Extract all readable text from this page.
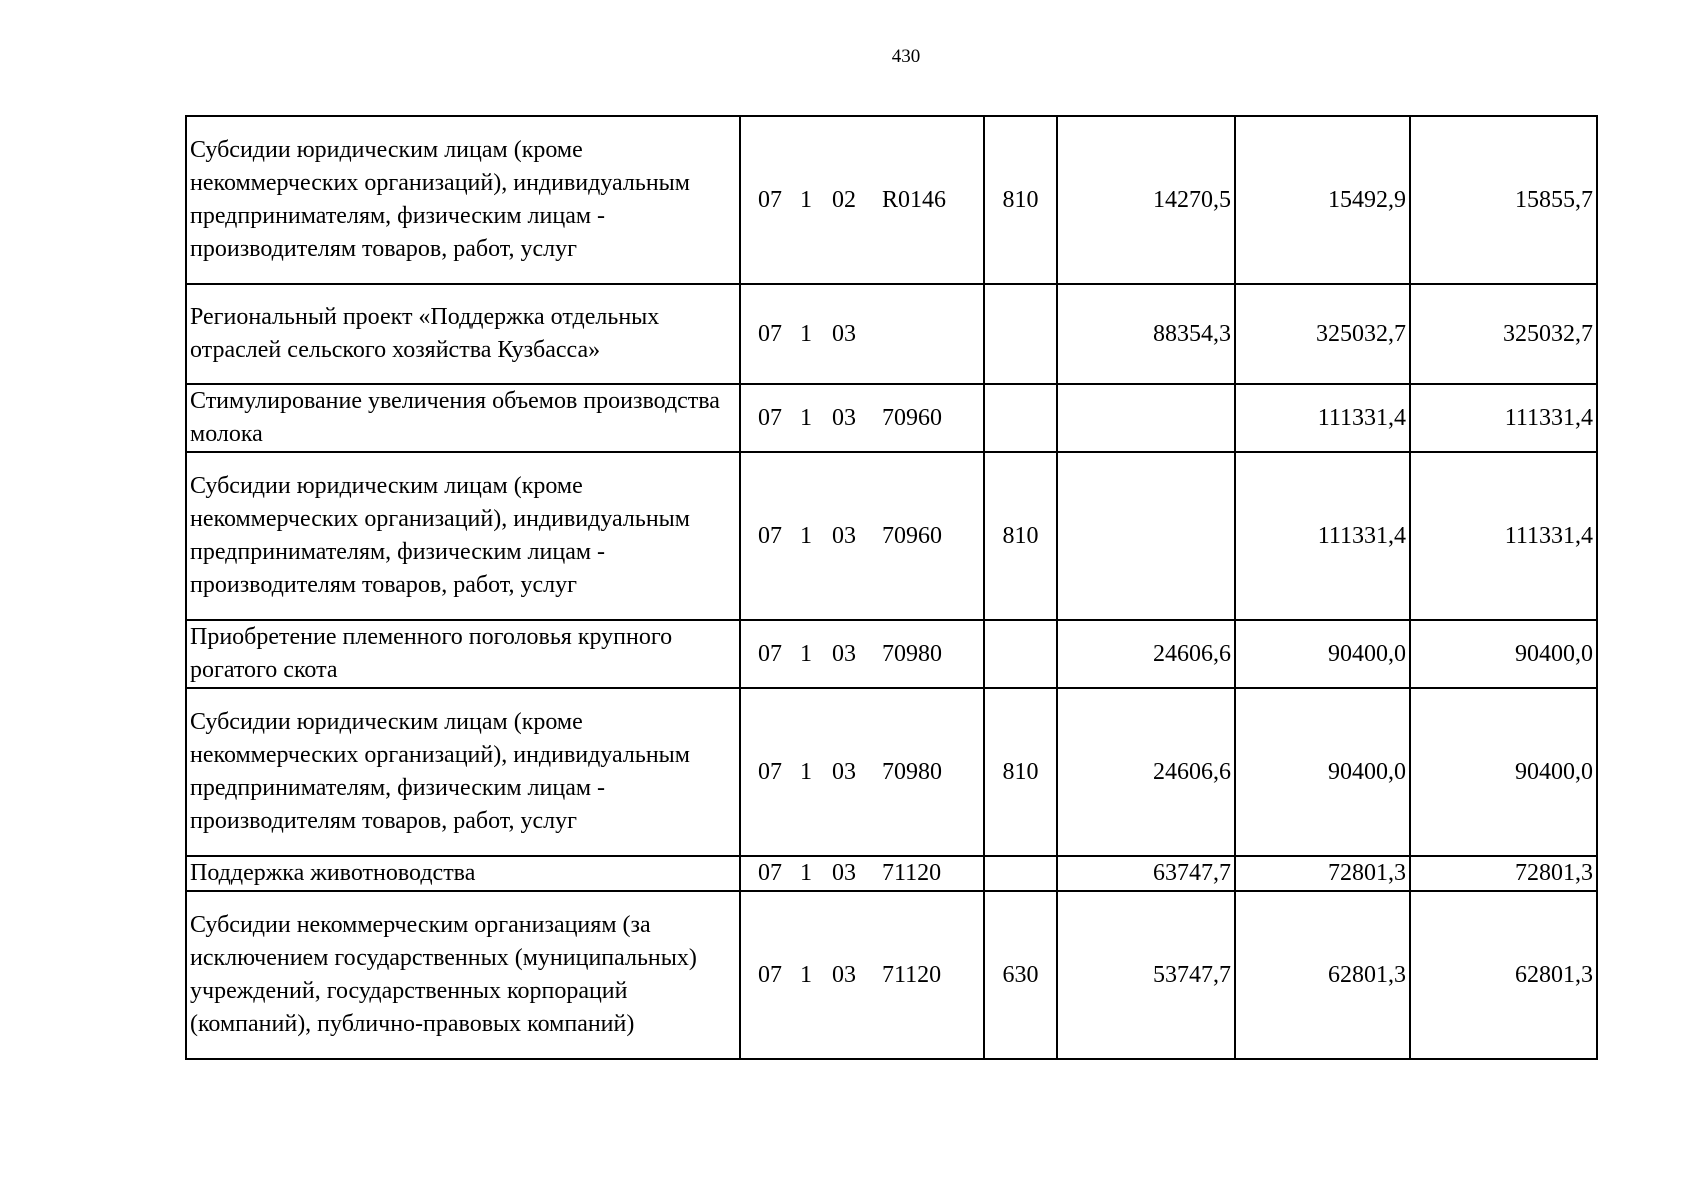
430
Субсидии юридическим лицам (кроме некоммерческих организаций), индивидуальным предпринимателям, физическим лицам - производителям товаров, работ, услуг	07 1 02 R0146	810	14270,5	15492,9	15855,7
Региональный проект «Поддержка отдельных отраслей сельского хозяйства Кузбасса»	07 1 03		88354,3	325032,7	325032,7
Стимулирование увеличения объемов производства молока	07 1 03 70960			111331,4	111331,4
Субсидии юридическим лицам (кроме некоммерческих организаций), индивидуальным предпринимателям, физическим лицам - производителям товаров, работ, услуг	07 1 03 70960	810		111331,4	111331,4
Приобретение племенного поголовья крупного рогатого скота	07 1 03 70980		24606,6	90400,0	90400,0
Субсидии юридическим лицам (кроме некоммерческих организаций), индивидуальным предпринимателям, физическим лицам - производителям товаров, работ, услуг	07 1 03 70980	810	24606,6	90400,0	90400,0
Поддержка животноводства	07 1 03 71120		63747,7	72801,3	72801,3
Субсидии некоммерческим организациям (за исключением государственных (муниципальных) учреждений, государственных корпораций (компаний), публично-правовых компаний)	07 1 03 71120	630	53747,7	62801,3	62801,3
